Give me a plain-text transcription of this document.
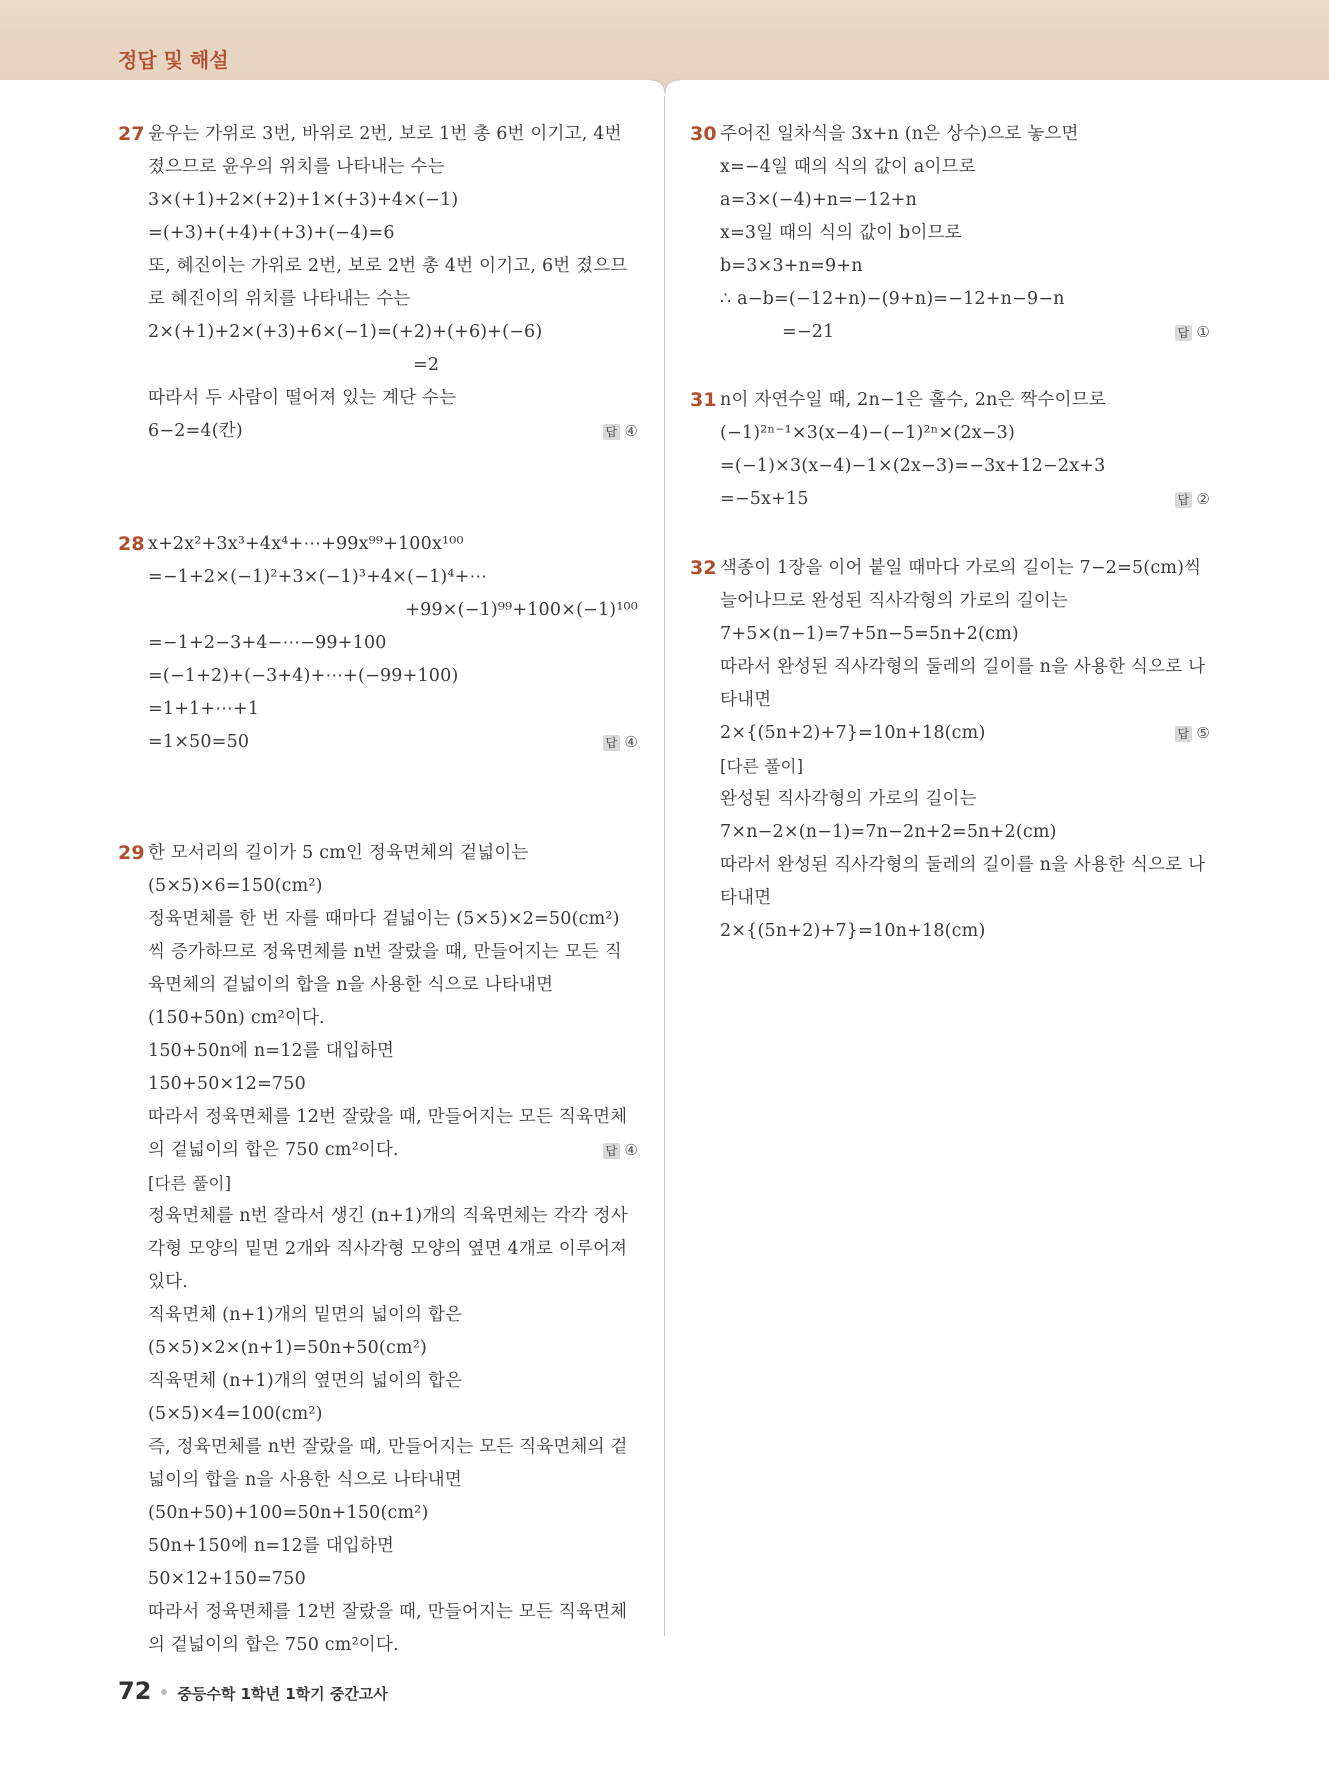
정답 및 해설
27 윤우는 가위로 3번, 바위로 2번, 보로 1번 총 6번 이기고, 4번
졌으므로 윤우의 위치를 나타내는 수는
3×(+1)+2×(+2)+1×(+3)+4×(−1)
=(+3)+(+4)+(+3)+(−4)=6
또, 혜진이는 가위로 2번, 보로 2번 총 4번 이기고, 6번 졌으므
로 혜진이의 위치를 나타내는 수는
2×(+1)+2×(+3)+6×(−1)=(+2)+(+6)+(−6)
=2
따라서 두 사람이 떨어져 있는 계단 수는
6−2=4(칸)	답 ④
28 x+2x²+3x³+4x⁴+⋯+99x⁹⁹+100x¹⁰⁰
=−1+2×(−1)²+3×(−1)³+4×(−1)⁴+⋯
+99×(−1)⁹⁹+100×(−1)¹⁰⁰
=−1+2−3+4−⋯−99+100
=(−1+2)+(−3+4)+⋯+(−99+100)
=1+1+⋯+1
=1×50=50	답 ④
29 한 모서리의 길이가 5 cm인 정육면체의 겉넓이는
(5×5)×6=150(cm²)
정육면체를 한 번 자를 때마다 겉넓이는 (5×5)×2=50(cm²)
씩 증가하므로 정육면체를 n번 잘랐을 때, 만들어지는 모든 직
육면체의 겉넓이의 합을 n을 사용한 식으로 나타내면
(150+50n) cm²이다.
150+50n에 n=12를 대입하면
150+50×12=750
따라서 정육면체를 12번 잘랐을 때, 만들어지는 모든 직육면체
의 겉넓이의 합은 750 cm²이다.	답 ④
[다른 풀이]
정육면체를 n번 잘라서 생긴 (n+1)개의 직육면체는 각각 정사
각형 모양의 밑면 2개와 직사각형 모양의 옆면 4개로 이루어져
있다.
직육면체 (n+1)개의 밑면의 넓이의 합은
(5×5)×2×(n+1)=50n+50(cm²)
직육면체 (n+1)개의 옆면의 넓이의 합은
(5×5)×4=100(cm²)
즉, 정육면체를 n번 잘랐을 때, 만들어지는 모든 직육면체의 겉
넓이의 합을 n을 사용한 식으로 나타내면
(50n+50)+100=50n+150(cm²)
50n+150에 n=12를 대입하면
50×12+150=750
따라서 정육면체를 12번 잘랐을 때, 만들어지는 모든 직육면체
의 겉넓이의 합은 750 cm²이다.
30 주어진 일차식을 3x+n (n은 상수)으로 놓으면
x=−4일 때의 식의 값이 a이므로
a=3×(−4)+n=−12+n
x=3일 때의 식의 값이 b이므로
b=3×3+n=9+n
∴ a−b=(−12+n)−(9+n)=−12+n−9−n
=−21	답 ①
31 n이 자연수일 때, 2n−1은 홀수, 2n은 짝수이므로
(−1)²ⁿ⁻¹×3(x−4)−(−1)²ⁿ×(2x−3)
=(−1)×3(x−4)−1×(2x−3)=−3x+12−2x+3
=−5x+15	답 ②
32 색종이 1장을 이어 붙일 때마다 가로의 길이는 7−2=5(cm)씩
늘어나므로 완성된 직사각형의 가로의 길이는
7+5×(n−1)=7+5n−5=5n+2(cm)
따라서 완성된 직사각형의 둘레의 길이를 n을 사용한 식으로 나
타내면
2×{(5n+2)+7}=10n+18(cm)	답 ⑤
[다른 풀이]
완성된 직사각형의 가로의 길이는
7×n−2×(n−1)=7n−2n+2=5n+2(cm)
따라서 완성된 직사각형의 둘레의 길이를 n을 사용한 식으로 나
타내면
2×{(5n+2)+7}=10n+18(cm)
72 중등수학 1학년 1학기 중간고사
